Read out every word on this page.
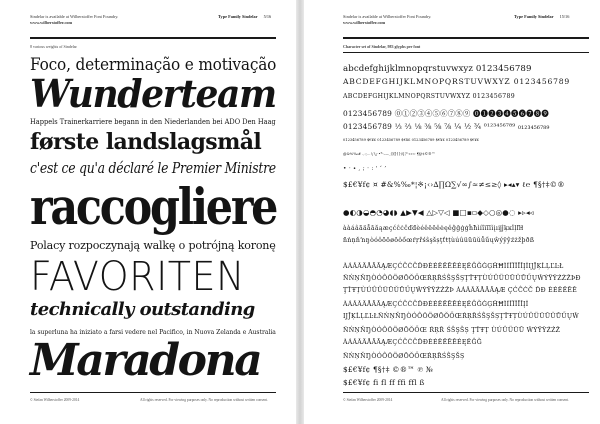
Sindelar is available at Wilberstoffer Font Foundry.
www.wilberstoffer.com
Type Family Sindelar 5/16
8 various weights of Sindelar
Foco, determinação e motivação
Wunderteam
Happels Trainerkarriere begann in den Niederlanden bei ADO Den Haag
første landslagsmål
c'est ce qu'a déclaré le Premier Ministre
raccogliere
Polacy rozpoczynają walkę o potrójną koronę
FAVORITEN
technically outstanding
la superluna ha iniziato a farsi vedere nel Pacifico, in Nuova Zelanda e Australia
Maradona
© Stefan Wilberstoffer 2009-2014	All rights reserved. For viewing purposes only. No reproduction without written consent.
Sindelar is available at Wilberstoffer Font Foundry.
www.wilberstoffer.com
Type Family Sindelar 15/16
Character set of Sindelar, 983 glyphs per font
abcdefghijklmnopqrstuvwxyz 0123456789
ABCDEFGHIJKLMNOPQRSTUVWXYZ 0123456789
ABCDEFGHIJKLMNOPQRSTUVWXYZ 0123456789
0123456789 ⓪①②③④⑤⑥⑦⑧⑨ ⓿❶❷❸❹❺❻❼❽❾
0123456789 ⅓ ⅔ ⅛ ⅜ ⅝ ⅞ ¼ ½ ¾ ⁰¹²³⁴⁵⁶⁷⁸⁹ ₀₁₂₃₄₅₆₇₈₉
0123456789 $€¥£ 0123456789 $€¥£ 0123456789 $€¥£ 0123456789 $€¥£
@&%‰# .,:;…!¡?¿·•*-–—_()[]{}/\|¦"'«»‹› ¶§†‡©®™
• · ∙ , ; · : ' ʻ ʼ
$£€¥f¢ ¤ #&%‰*¦※¡‹›∆∏Ω∑√∞∫≈≠≤≥◊ ▸◂▴▾ ℓ℮ ¶§†‡©®
●◐◑◒◓◔◕◖◗ ▲▶▼◀ △▷▽◁ ■□▪▫◆◇○◎●◌ ▸▹◂◃
ààáâãäåāăąæçćĉċčďđèéêëēĕėęěĝğġģĥħìíîïĩīĭįıĳĵķĸĺļľŀł
ñńņňŉŋòóôõöøōŏőœŕŗřśŝşšșţťŧțùúûüũūŭůűųŵýÿŷźżžþðß
ÀÁÂÃÄÅĀĂĄÆÇĆĈĊČĎĐÈÉÊËĒĔĖĘĚĜĞĠĢĤĦÌÍÎÏĨĪĬĮİĲĴĶĹĻĽĿŁ
ÑŃŅŇŊÒÓÔÕÖØŌŎŐŒŔŖŘŚŜŞŠȘŢŤŦȚÙÚÛÜŨŪŬŮŰŲŴÝŸŶŹŻŽÞÐ
ŢŤŦȚÙÚÛÜŨŪŬŮŰŲŴÝŸŶŹŻŽÞ ÀÁÂÃÄÅĀĂĄÆ ÇĆĈĊČ ĎĐ ÈÉÊËĒĔ
ÀÁÂÃÄÅĀĂĄÆÇĆĈĊČĎĐÈÉÊËĒĔĖĘĚĜĞĠĢĤĦÌÍÎÏĨĪĬĮİ
ĲĴĶĹĻĽĿŁÑŃŅŇŊÒÓÔÕÖØŌŎŐŒŔŖŘŚŜŞŠȘŢŤŦȚÙÚÛÜŨŪŬŮŰŲŴ
ÑŃŅŇŊÒÓÔÕÖØŌŎŐŒ ŔŖŘ ŚŜŞŠȘ ŢŤŦȚ ÙÚÛÜŨŪ ŴÝŸŶŹŻŽ
ÀÁÂÃÄÅĀĂĄÆÇĆĈĊČĎĐÈÉÊËĒĔĖĘĚĜĞ
ÑŃŅŇŊÒÓÔÕÖØŌŎŐŒŔŖŘŚŜŞŠȘ
$£€¥f¢ ¶§†‡ ©®™ ℗ №
$£€¥f¢ fi fl ff ffi ffl ß
© Stefan Wilberstoffer 2009-2014	All rights reserved. For viewing purposes only. No reproduction without written consent.
